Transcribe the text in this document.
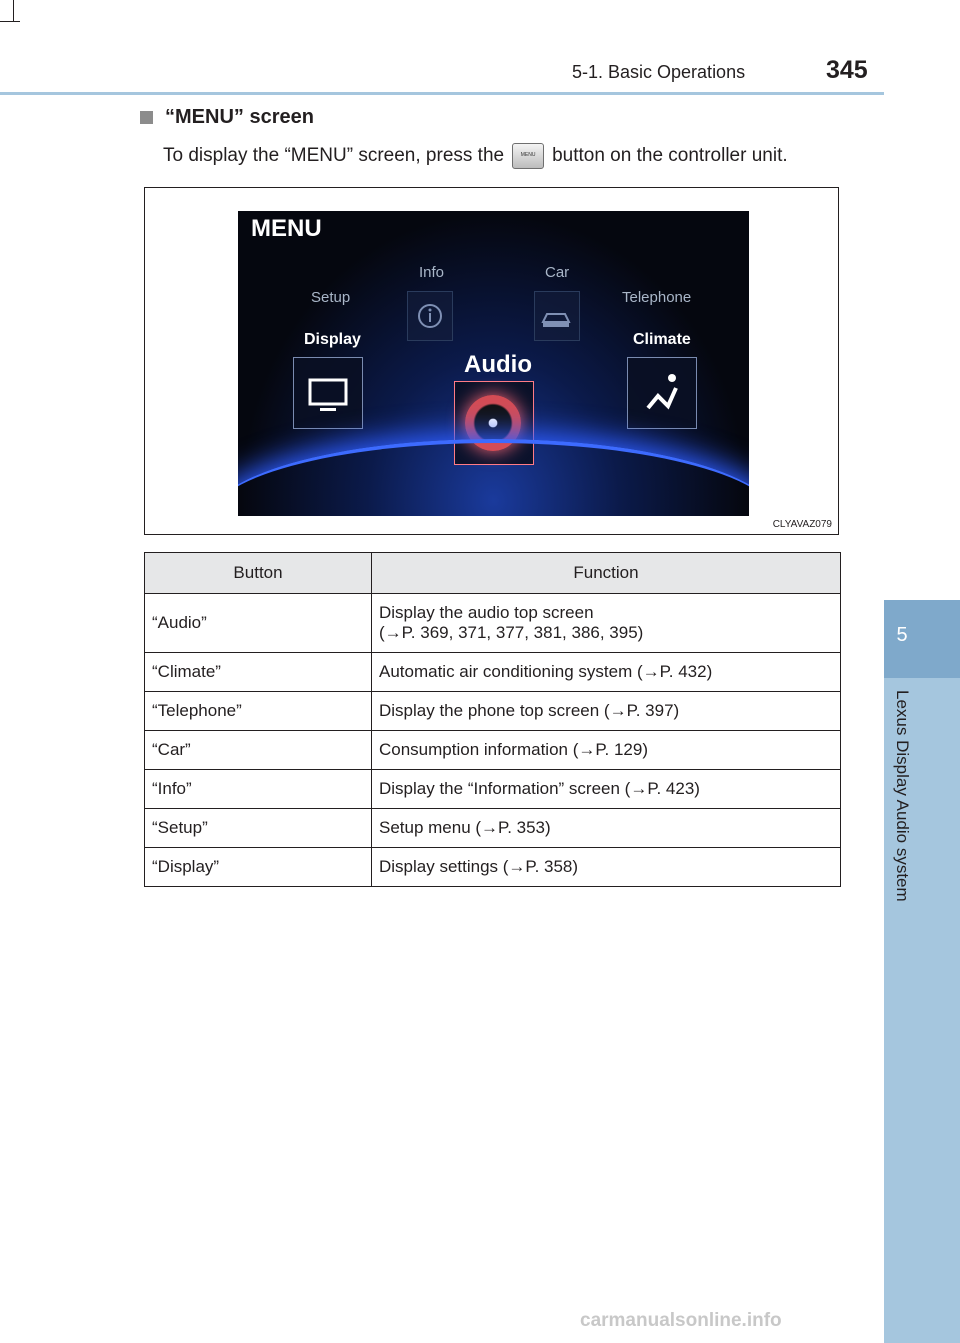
5-1. Basic Operations	345
5
Lexus Display Audio system
“MENU” screen
To display the “MENU” screen, press the MENU	button on the controller unit.
MENU
Info	Car
Setup	Telephone
Display	Climate
Audio
CLYAVAZ079
Button	Function
“Audio”	Display the audio top screen
(→P. 369, 371, 377, 381, 386, 395)

“Climate”	Automatic air conditioning system (→P. 432)
“Telephone”	Display the phone top screen (→P. 397)
“Car”	Consumption information (→P. 129)
“Info”	Display the “Information” screen (→P. 423)
“Setup”	Setup menu (→P. 353)
“Display”	Display settings (→P. 358)
carmanualsonline.info
